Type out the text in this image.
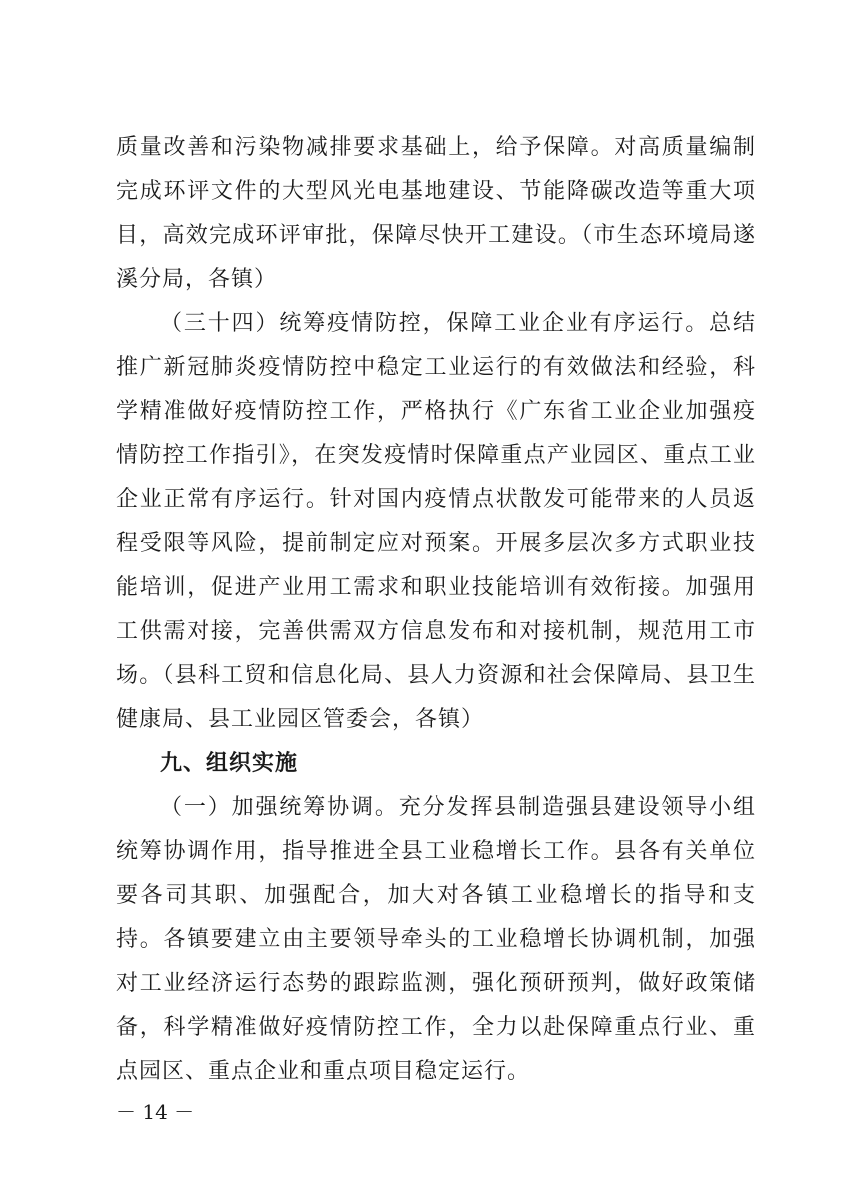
质量改善和污染物减排要求基础上，给予保障。对高质量编制完成环评文件的大型风光电基地建设、节能降碳改造等重大项目，高效完成环评审批，保障尽快开工建设。（市生态环境局遂溪分局，各镇）

（三十四）统筹疫情防控，保障工业企业有序运行。总结推广新冠肺炎疫情防控中稳定工业运行的有效做法和经验，科学精准做好疫情防控工作，严格执行《广东省工业企业加强疫情防控工作指引》，在突发疫情时保障重点产业园区、重点工业企业正常有序运行。针对国内疫情点状散发可能带来的人员返程受限等风险，提前制定应对预案。开展多层次多方式职业技能培训，促进产业用工需求和职业技能培训有效衔接。加强用工供需对接，完善供需双方信息发布和对接机制，规范用工市场。（县科工贸和信息化局、县人力资源和社会保障局、县卫生健康局、县工业园区管委会，各镇）

九、组织实施

（一）加强统筹协调。充分发挥县制造强县建设领导小组统筹协调作用，指导推进全县工业稳增长工作。县各有关单位要各司其职、加强配合，加大对各镇工业稳增长的指导和支持。各镇要建立由主要领导牵头的工业稳增长协调机制，加强对工业经济运行态势的跟踪监测，强化预研预判，做好政策储备，科学精准做好疫情防控工作，全力以赴保障重点行业、重点园区、重点企业和重点项目稳定运行。

－ 14 －
